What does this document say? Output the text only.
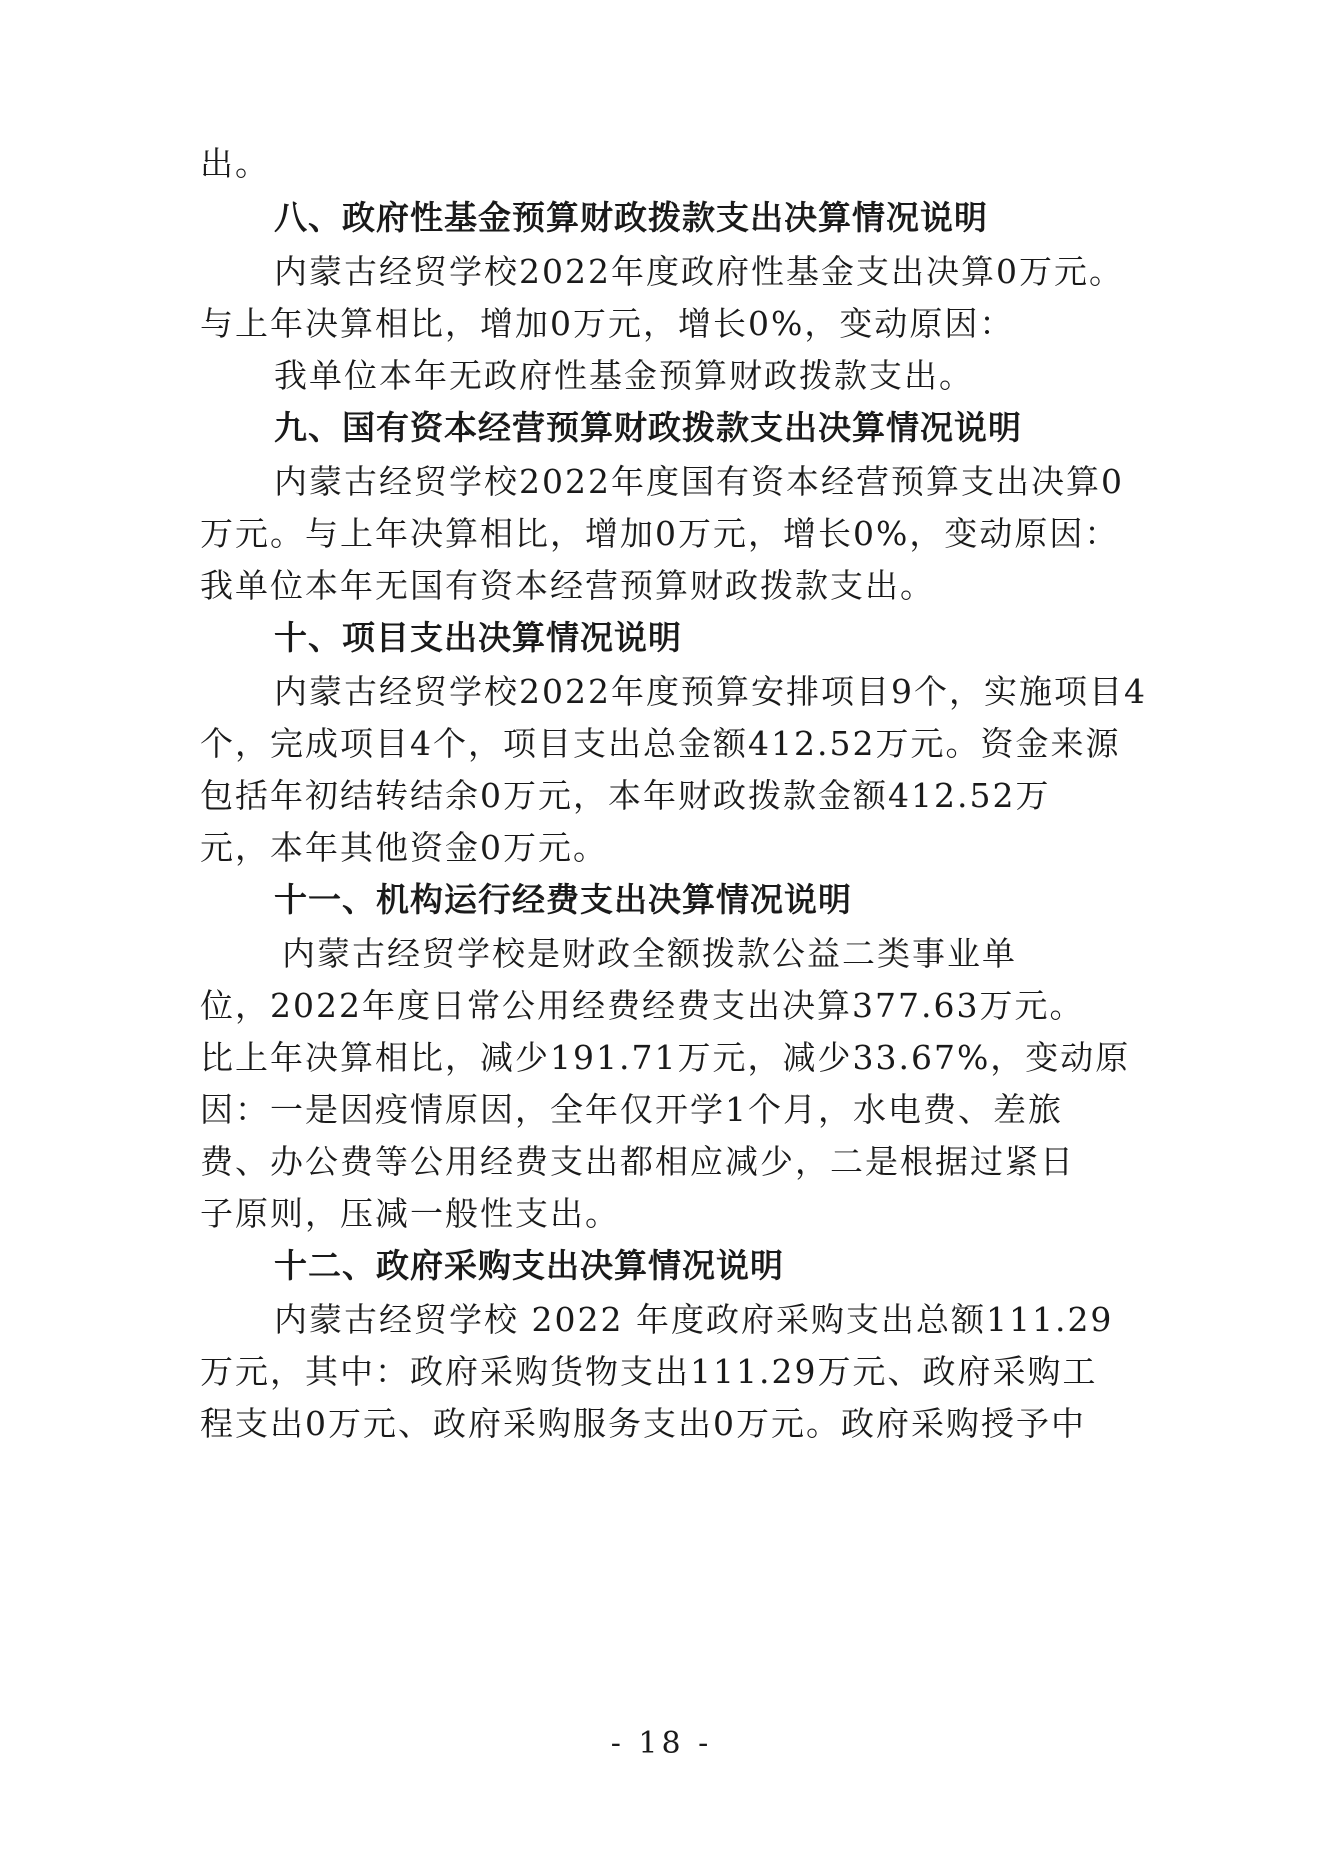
出。
八、政府性基金预算财政拨款支出决算情况说明
内蒙古经贸学校2022年度政府性基金支出决算0万元。
与上年决算相比，增加0万元，增长0%，变动原因：
我单位本年无政府性基金预算财政拨款支出。
九、国有资本经营预算财政拨款支出决算情况说明
内蒙古经贸学校2022年度国有资本经营预算支出决算0
万元。与上年决算相比，增加0万元，增长0%，变动原因：
我单位本年无国有资本经营预算财政拨款支出。
十、项目支出决算情况说明
内蒙古经贸学校2022年度预算安排项目9个，实施项目4
个，完成项目4个，项目支出总金额412.52万元。资金来源
包括年初结转结余0万元，本年财政拨款金额412.52万
元，本年其他资金0万元。
十一、机构运行经费支出决算情况说明
内蒙古经贸学校是财政全额拨款公益二类事业单
位，2022年度日常公用经费经费支出决算377.63万元。
比上年决算相比，减少191.71万元，减少33.67%，变动原
因：一是因疫情原因，全年仅开学1个月，水电费、差旅
费、办公费等公用经费支出都相应减少，二是根据过紧日
子原则，压减一般性支出。
十二、政府采购支出决算情况说明
内蒙古经贸学校 2022 年度政府采购支出总额111.29
万元，其中：政府采购货物支出111.29万元、政府采购工
程支出0万元、政府采购服务支出0万元。政府采购授予中
- 18 -
